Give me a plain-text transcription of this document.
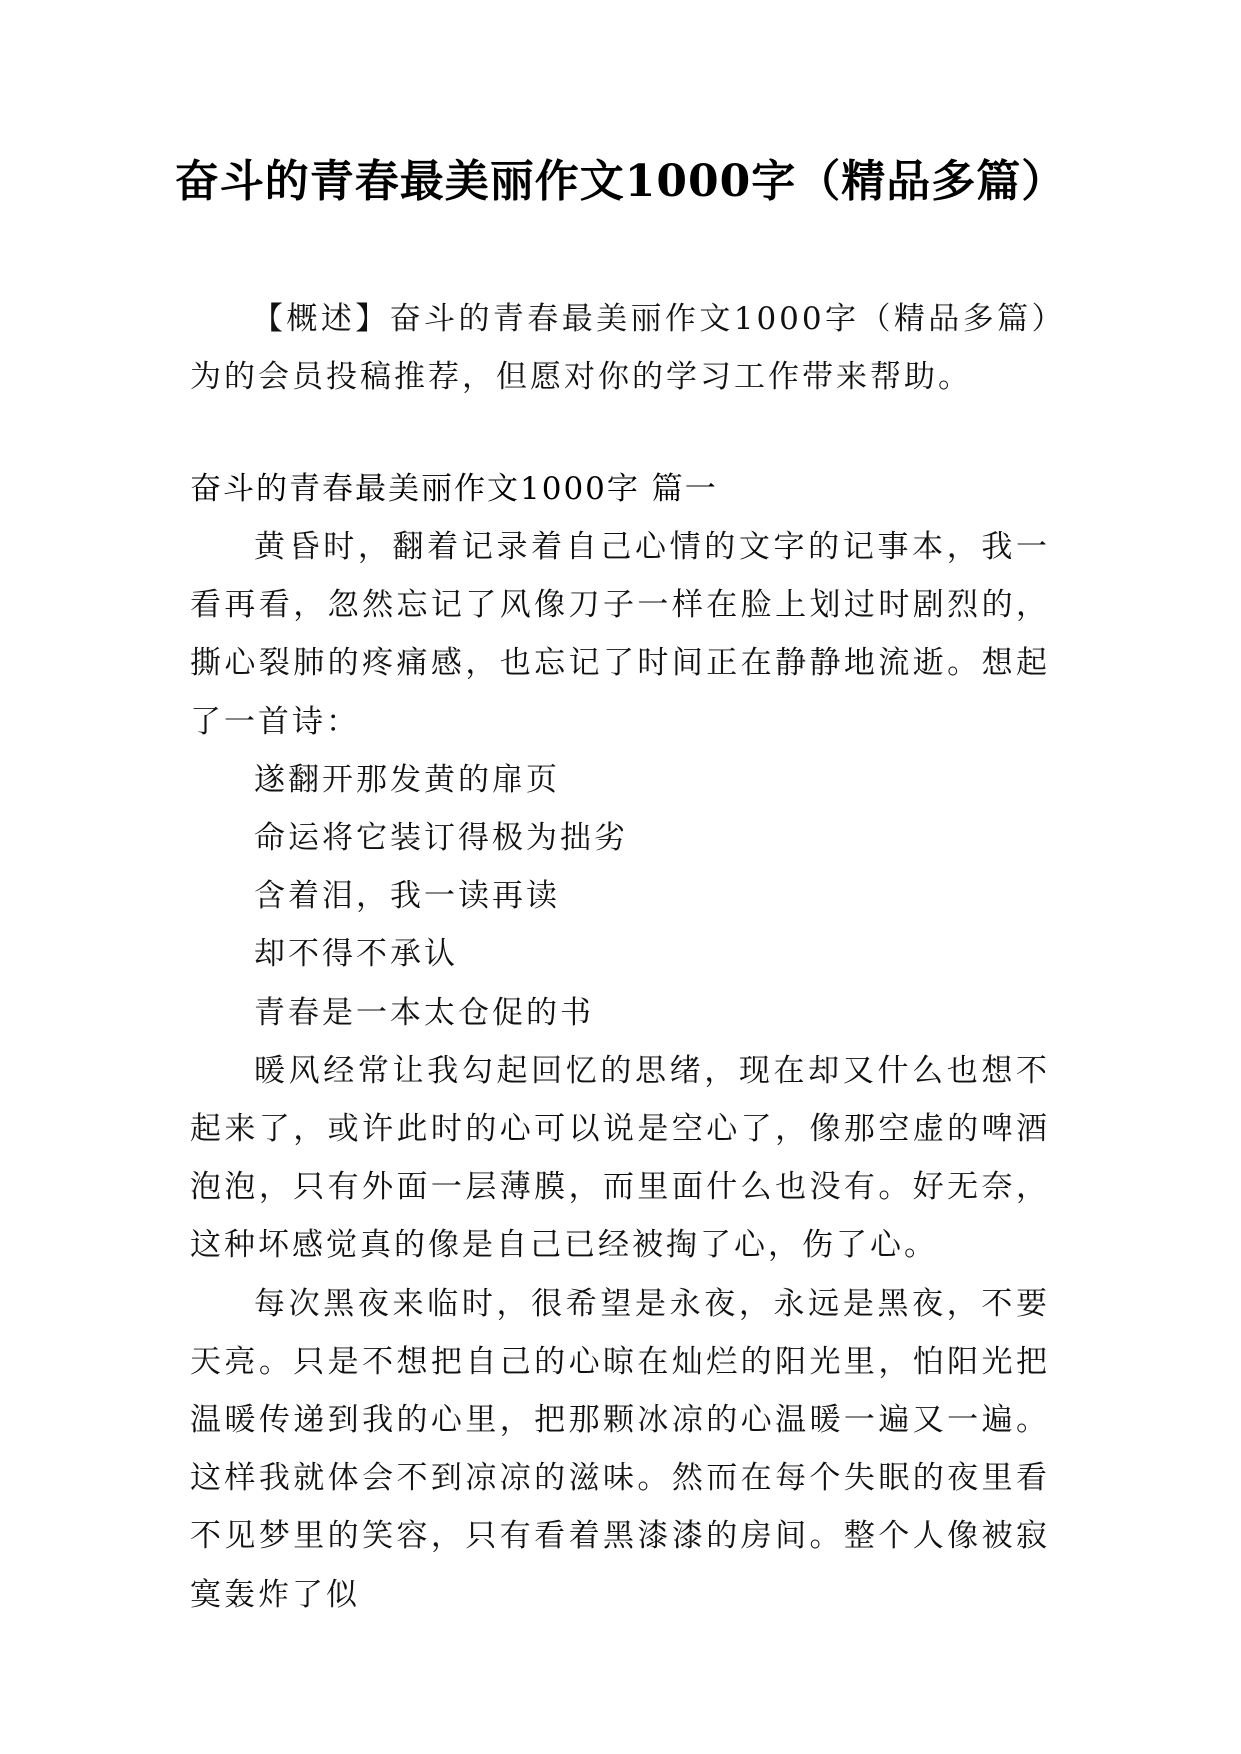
奋斗的青春最美丽作文1000字（精品多篇）
【概述】奋斗的青春最美丽作文1000字（精品多篇）为的会员投稿推荐，但愿对你的学习工作带来帮助。
奋斗的青春最美丽作文1000字 篇一

黄昏时，翻着记录着自己心情的文字的记事本，我一看再看，忽然忘记了风像刀子一样在脸上划过时剧烈的，撕心裂肺的疼痛感，也忘记了时间正在静静地流逝。想起了一首诗：

遂翻开那发黄的扉页

命运将它装订得极为拙劣

含着泪，我一读再读

却不得不承认

青春是一本太仓促的书

暖风经常让我勾起回忆的思绪，现在却又什么也想不起来了，或许此时的心可以说是空心了，像那空虚的啤酒泡泡，只有外面一层薄膜，而里面什么也没有。好无奈，这种坏感觉真的像是自己已经被掏了心，伤了心。

每次黑夜来临时，很希望是永夜，永远是黑夜，不要天亮。只是不想把自己的心晾在灿烂的阳光里，怕阳光把温暖传递到我的心里，把那颗冰凉的心温暖一遍又一遍。这样我就体会不到凉凉的滋味。然而在每个失眠的夜里看不见梦里的笑容，只有看着黑漆漆的房间。整个人像被寂寞轰炸了似
